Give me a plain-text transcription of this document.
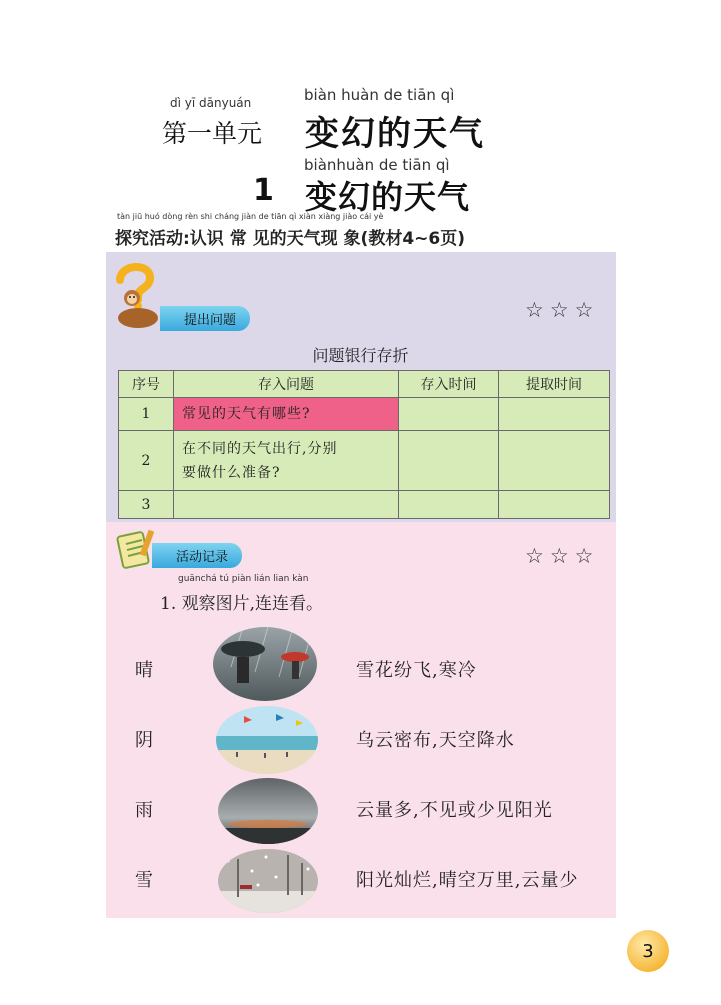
dì yī dānyuán
第一单元
biàn huàn de tiān qì
变幻的天气
biànhuàn de tiān qì
1 变幻的天气
tàn jiū huó dòng rèn shi cháng jiàn de tiān qì xiàn xiàng jiào cái yè
探究活动:认识 常 见的天气现 象(教材4~6页)
提出问题	☆☆☆
问题银行存折
序号	存入问题	存入时间	提取时间
1	常见的天气有哪些?		
2	在不同的天气出行,分别
要做什么准备?		

3			
活动记录	☆☆☆
guānchá tú piàn lián lian kàn
1. 观察图片,连连看。
晴
阴
雨
雪
雪花纷飞,寒冷
乌云密布,天空降水
云量多,不见或少见阳光
阳光灿烂,晴空万里,云量少
3
